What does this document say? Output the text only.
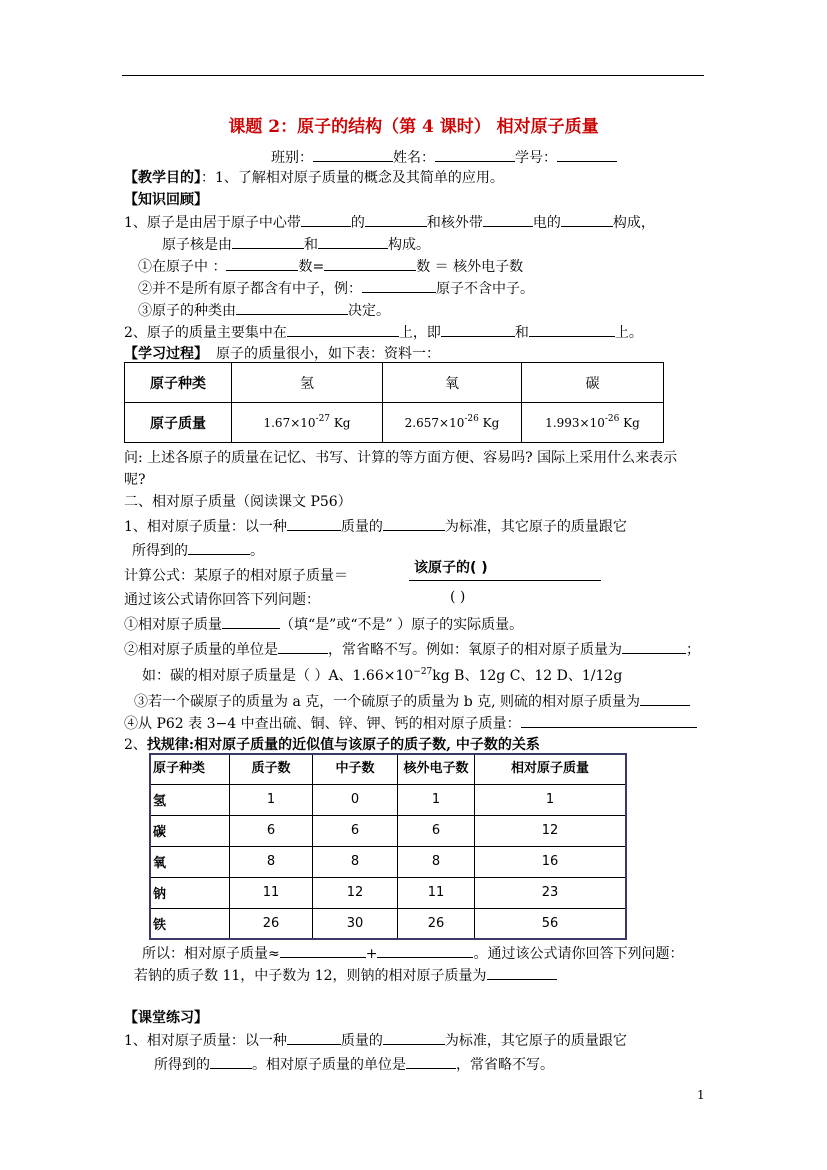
课题 2：原子的结构（第 4 课时） 相对原子质量
班别：	姓名：	学号：
【教学目的】：1、了解相对原子质量的概念及其简单的应用。
【知识回顾】
1、原子是由居于原子中心带	的	和核外带	电的	构成，
原子核是由	和	构成。
①在原子中 ：	数=	数 ＝ 核外电子数
②并不是所有原子都含有中子，例：	原子不含中子。
③原子的种类由	决定。
2、原子的质量主要集中在	上，即	和	上。
【学习过程】 原子的质量很小，如下表：资料一：
原子种类	氢	氧	碳
原子质量	$1.67\times 10^{-27}$ Kg	$2.657\times 10^{-26}$ Kg	$1.993\times 10^{-26}$ Kg
问: 上述各原子的质量在记忆、书写、计算的等方面方便、容易吗? 国际上采用什么来表示
呢?
二、相对原子质量（阅读课文 P56）
1、相对原子质量：以一种	质量的	为标准，其它原子的质量跟它
所得到的	。
计算公式：某原子的相对原子质量＝	该原子的( )
( )
通过该公式请你回答下列问题：
①相对原子质量	（填“是”或“不是” ）原子的实际质量。
②相对原子质量的单位是	，常省略不写。例如：氧原子的相对原子质量为	；
如：碳的相对原子质量是（ ）A、$1.66\times 10^{-27}kg$ B、12g C、12 D、1/12g
③若一个碳原子的质量为 a 克，一个硫原子的质量为 b 克, 则硫的相对原子质量为
④从 P62 表 3−4 中查出硫、铜、锌、钾、钙的相对原子质量：
2、找规律:相对原子质量的近似值与该原子的质子数, 中子数的关系
原子种类	质子数	中子数	核外电子数	相对原子质量
氢	1	0	1	1
碳	6	6	6	12
氧	8	8	8	16
钠	11	12	11	23
铁	26	30	26	56
所以：相对原子质量≈	+	。通过该公式请你回答下列问题：
若钠的质子数 11，中子数为 12，则钠的相对原子质量为
【课堂练习】
1、相对原子质量：以一种	质量的	为标准，其它原子的质量跟它
所得到的	。相对原子质量的单位是	，常省略不写。
1
